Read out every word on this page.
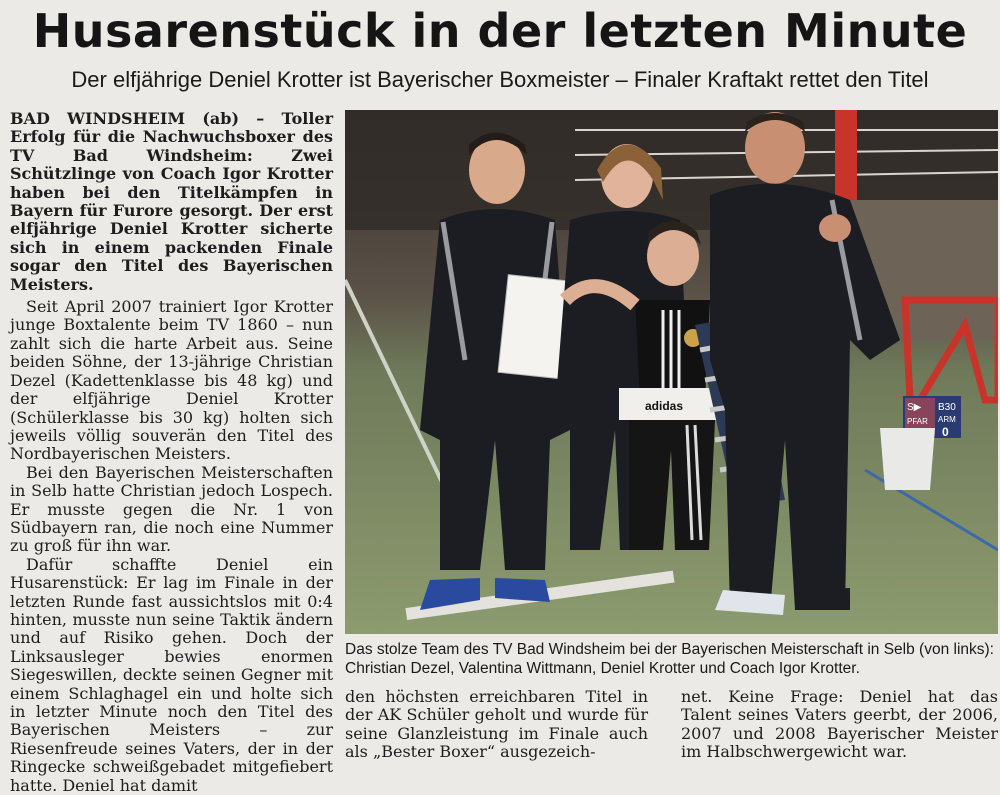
Husarenstück in der letzten Minute
Der elfjährige Deniel Krotter ist Bayerischer Boxmeister – Finaler Kraftakt rettet den Titel

BAD WINDSHEIM (ab) – Toller Erfolg für die Nachwuchsboxer des TV Bad Windsheim: Zwei Schützlinge von Coach Igor Krotter haben bei den Titelkämpfen in Bayern für Furore gesorgt. Der erst elfjährige Deniel Krotter sicherte sich in einem packenden Finale sogar den Titel des Bayerischen Meisters.

Seit April 2007 trainiert Igor Krotter junge Boxtalente beim TV 1860 – nun zahlt sich die harte Arbeit aus. Seine beiden Söhne, der 13-jährige Christian Dezel (Kadettenklasse bis 48 kg) und der elfjährige Deniel Krotter (Schülerklasse bis 30 kg) holten sich jeweils völlig souverän den Titel des Nordbayerischen Meisters.

Bei den Bayerischen Meisterschaften in Selb hatte Christian jedoch Lospech. Er musste gegen die Nr. 1 von Südbayern ran, die noch eine Nummer zu groß für ihn war.

Dafür schaffte Deniel ein Husarenstück: Er lag im Finale in der letzten Runde fast aussichtslos mit 0:4 hinten, musste nun seine Taktik ändern und auf Risiko gehen. Doch der Linksausleger bewies enormen Siegeswillen, deckte seinen Gegner mit einem Schlaghagel ein und holte sich in letzter Minute noch den Titel des Bayerischen Meisters – zur Riesenfreude seines Vaters, der in der Ringecke schweißgebadet mitgefiebert hatte. Deniel hat damit

S▶
PFAR
B30
ARM
0
adidas
Das stolze Team des TV Bad Windsheim bei der Bayerischen Meisterschaft in Selb (von links): Christian Dezel, Valentina Wittmann, Deniel Krotter und Coach Igor Krotter.

den höchsten erreichbaren Titel in der AK Schüler geholt und wurde für seine Glanzleistung im Finale auch als „Bester Boxer“ ausgezeich-

net. Keine Frage: Deniel hat das Talent seines Vaters geerbt, der 2006, 2007 und 2008 Bayerischer Meister im Halbschwergewicht war.
